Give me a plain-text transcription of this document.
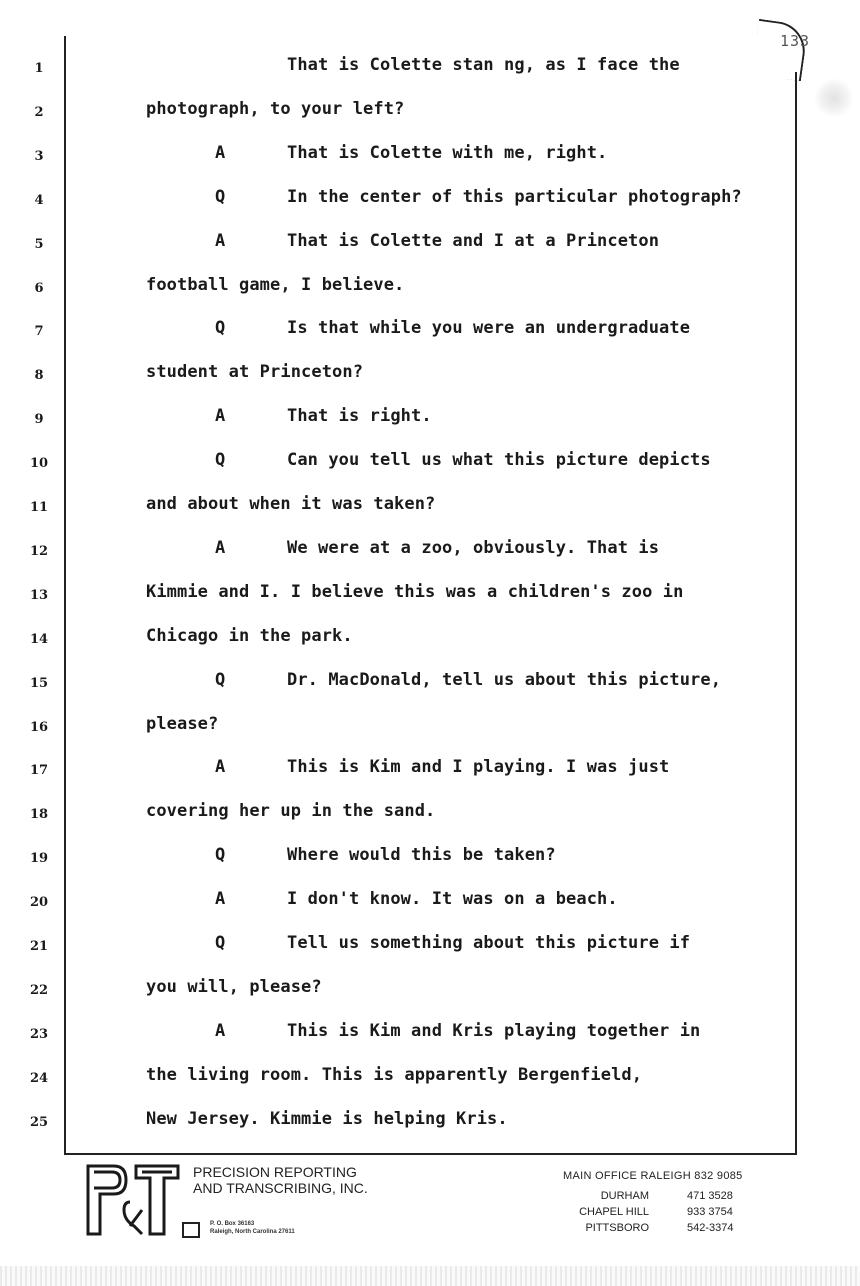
133
1	That is Colette stan ng, as I face the
2	photograph, to your left?
3	A	That is Colette with me, right.
4	Q	In the center of this particular photograph?
5	A	That is Colette and I at a Princeton
6	football game, I believe.
7	Q	Is that while you were an undergraduate
8	student at Princeton?
9	A	That is right.
10	Q	Can you tell us what this picture depicts
11	and about when it was taken?
12	A	We were at a zoo, obviously. That is
13	Kimmie and I. I believe this was a children's zoo in
14	Chicago in the park.
15	Q	Dr. MacDonald, tell us about this picture,
16	please?
17	A	This is Kim and I playing. I was just
18	covering her up in the sand.
19	Q	Where would this be taken?
20	A	I don't know. It was on a beach.
21	Q	Tell us something about this picture if
22	you will, please?
23	A	This is Kim and Kris playing together in
24	the living room. This is apparently Bergenfield,
25	New Jersey. Kimmie is helping Kris.
PRECISION REPORTING
AND TRANSCRIBING, INC.
P. O. Box 36163
Raleigh, North Carolina 27611
MAIN OFFICE RALEIGH 832 9085
DURHAM	471 3528
CHAPEL HILL	933 3754
PITTSBORO	542-3374
